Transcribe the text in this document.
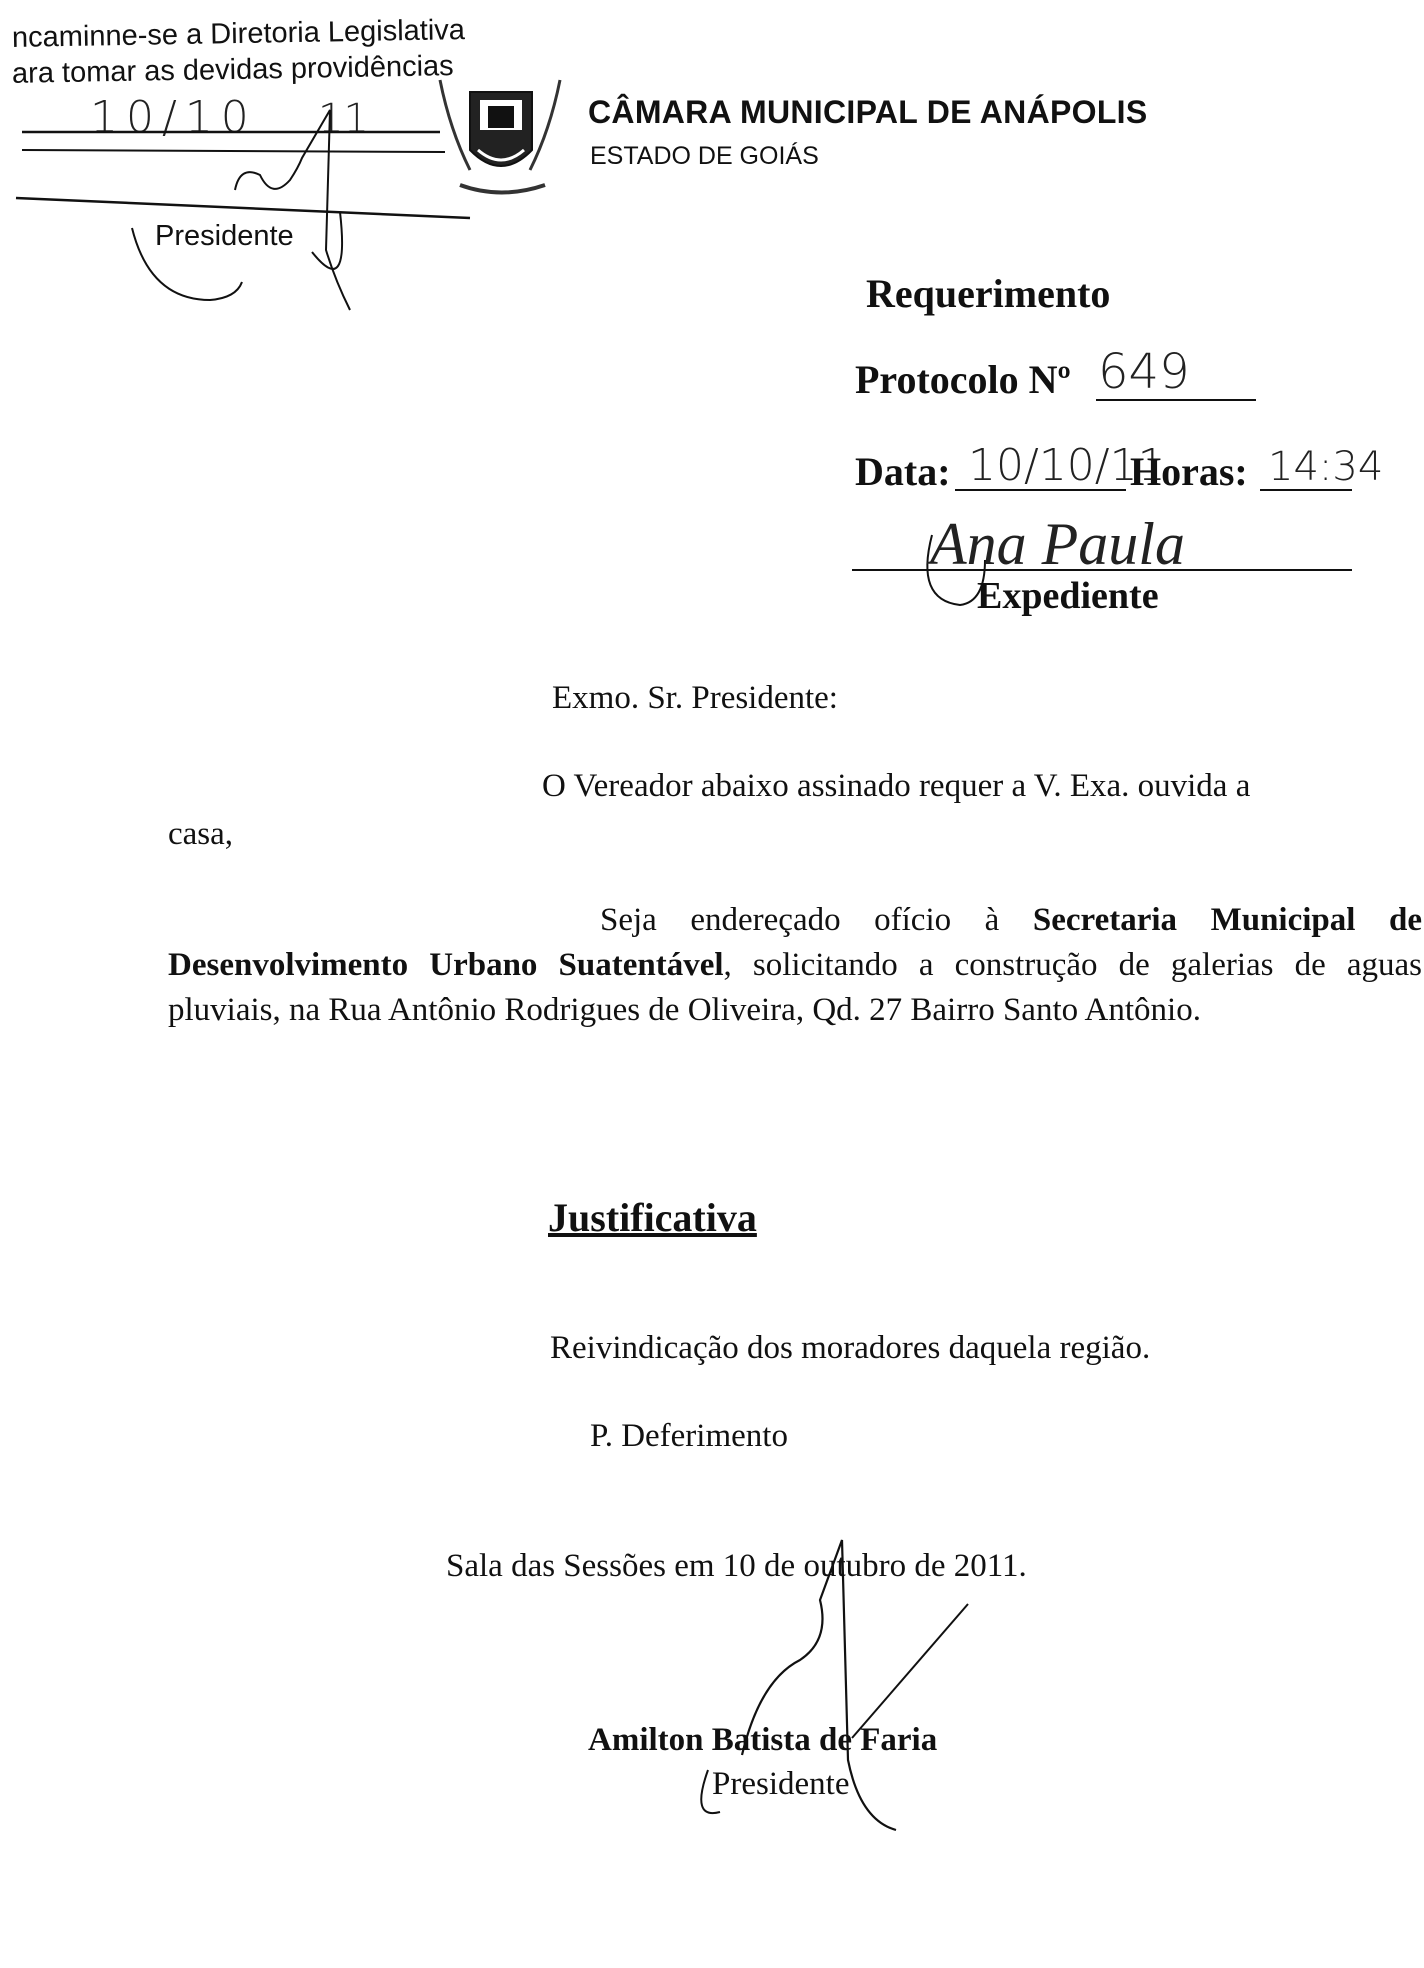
ncaminne-se a Diretoria Legislativa
ara tomar as devidas providências
10/10 11
Presidente
CÂMARA MUNICIPAL DE ANÁPOLIS
ESTADO DE GOIÁS
Requerimento
Protocolo Nº 649
Data: 10/10/11
Horas: 14:34
Ana Paula
Expediente
Exmo. Sr. Presidente:
O Vereador abaixo assinado requer a V. Exa. ouvida a
casa,
Seja endereçado ofício à Secretaria Municipal de Desenvolvimento Urbano Suatentável, solicitando a construção de galerias de aguas pluviais, na Rua Antônio Rodrigues de Oliveira, Qd. 27 Bairro Santo Antônio.
Justificativa
Reivindicação dos moradores daquela região.
P. Deferimento
Sala das Sessões em 10 de outubro de 2011.
Amilton Batista de Faria
Presidente
